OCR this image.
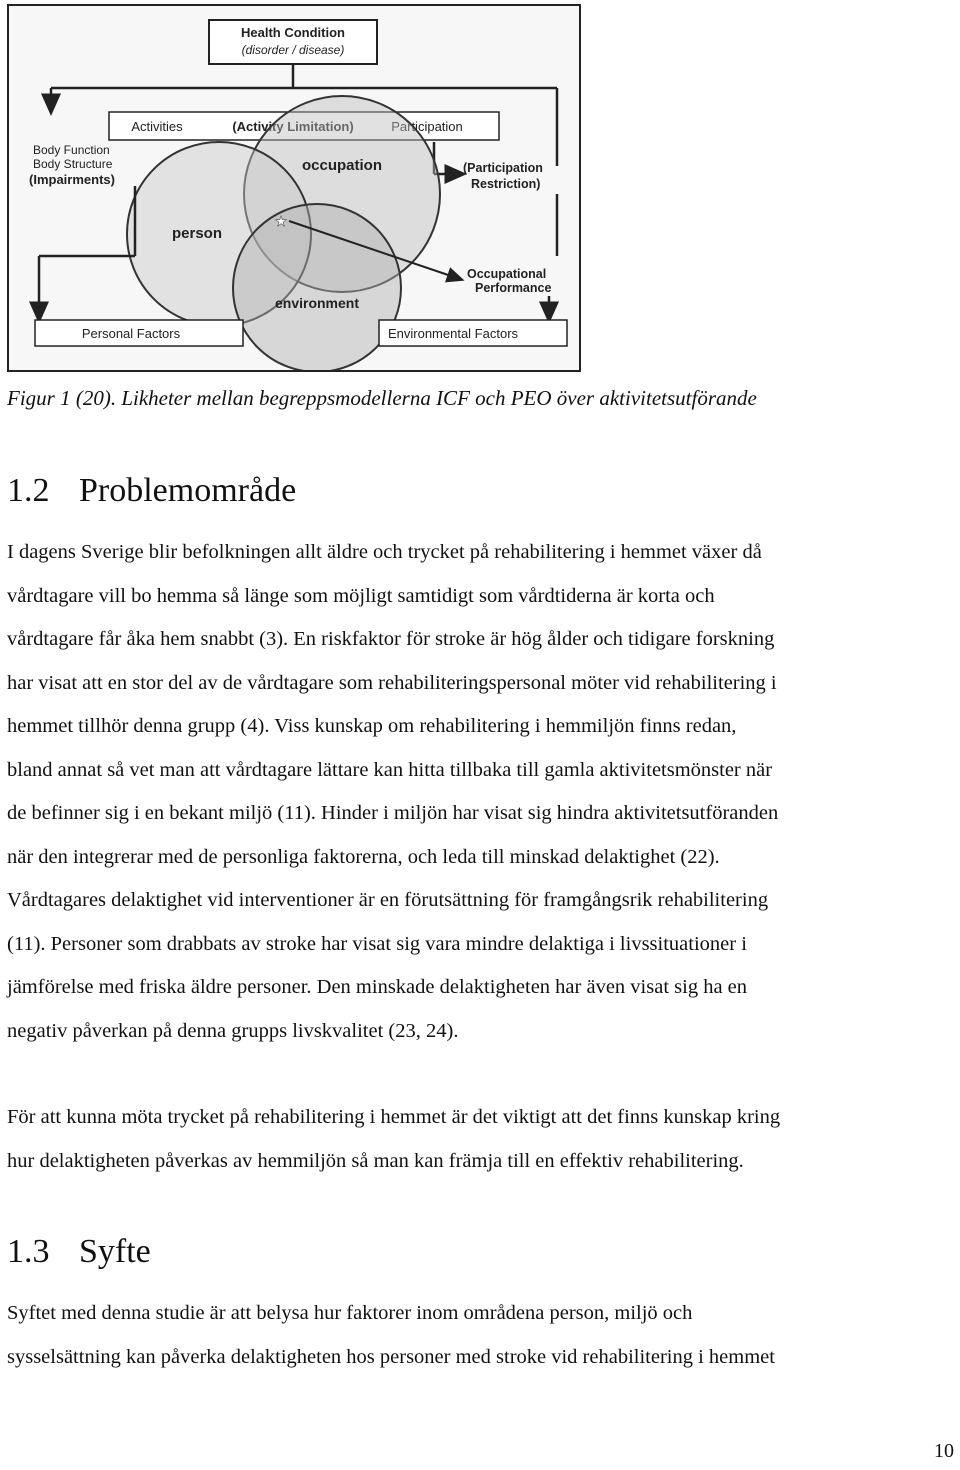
Health Condition
(disorder / disease)
Activities	(Activity Limitation)	Participation
Body Function
Body Structure
(Impairments)
(Participation
Restriction)
occupation
person
environment
★
Occupational
Performance
Personal Factors	Environmental Factors
Figur 1 (20). Likheter mellan begreppsmodellerna ICF och PEO över aktivitetsutförande
1.2 Problemområde
I dagens Sverige blir befolkningen allt äldre och trycket på rehabilitering i hemmet växer då
vårdtagare vill bo hemma så länge som möjligt samtidigt som vårdtiderna är korta och
vårdtagare får åka hem snabbt (3). En riskfaktor för stroke är hög ålder och tidigare forskning
har visat att en stor del av de vårdtagare som rehabiliteringspersonal möter vid rehabilitering i
hemmet tillhör denna grupp (4). Viss kunskap om rehabilitering i hemmiljön finns redan,
bland annat så vet man att vårdtagare lättare kan hitta tillbaka till gamla aktivitetsmönster när
de befinner sig i en bekant miljö (11). Hinder i miljön har visat sig hindra aktivitetsutföranden
när den integrerar med de personliga faktorerna, och leda till minskad delaktighet (22).
Vårdtagares delaktighet vid interventioner är en förutsättning för framgångsrik rehabilitering
(11). Personer som drabbats av stroke har visat sig vara mindre delaktiga i livssituationer i
jämförelse med friska äldre personer. Den minskade delaktigheten har även visat sig ha en
negativ påverkan på denna grupps livskvalitet (23, 24).
För att kunna möta trycket på rehabilitering i hemmet är det viktigt att det finns kunskap kring
hur delaktigheten påverkas av hemmiljön så man kan främja till en effektiv rehabilitering.
1.3 Syfte
Syftet med denna studie är att belysa hur faktorer inom områdena person, miljö och
sysselsättning kan påverka delaktigheten hos personer med stroke vid rehabilitering i hemmet
10
